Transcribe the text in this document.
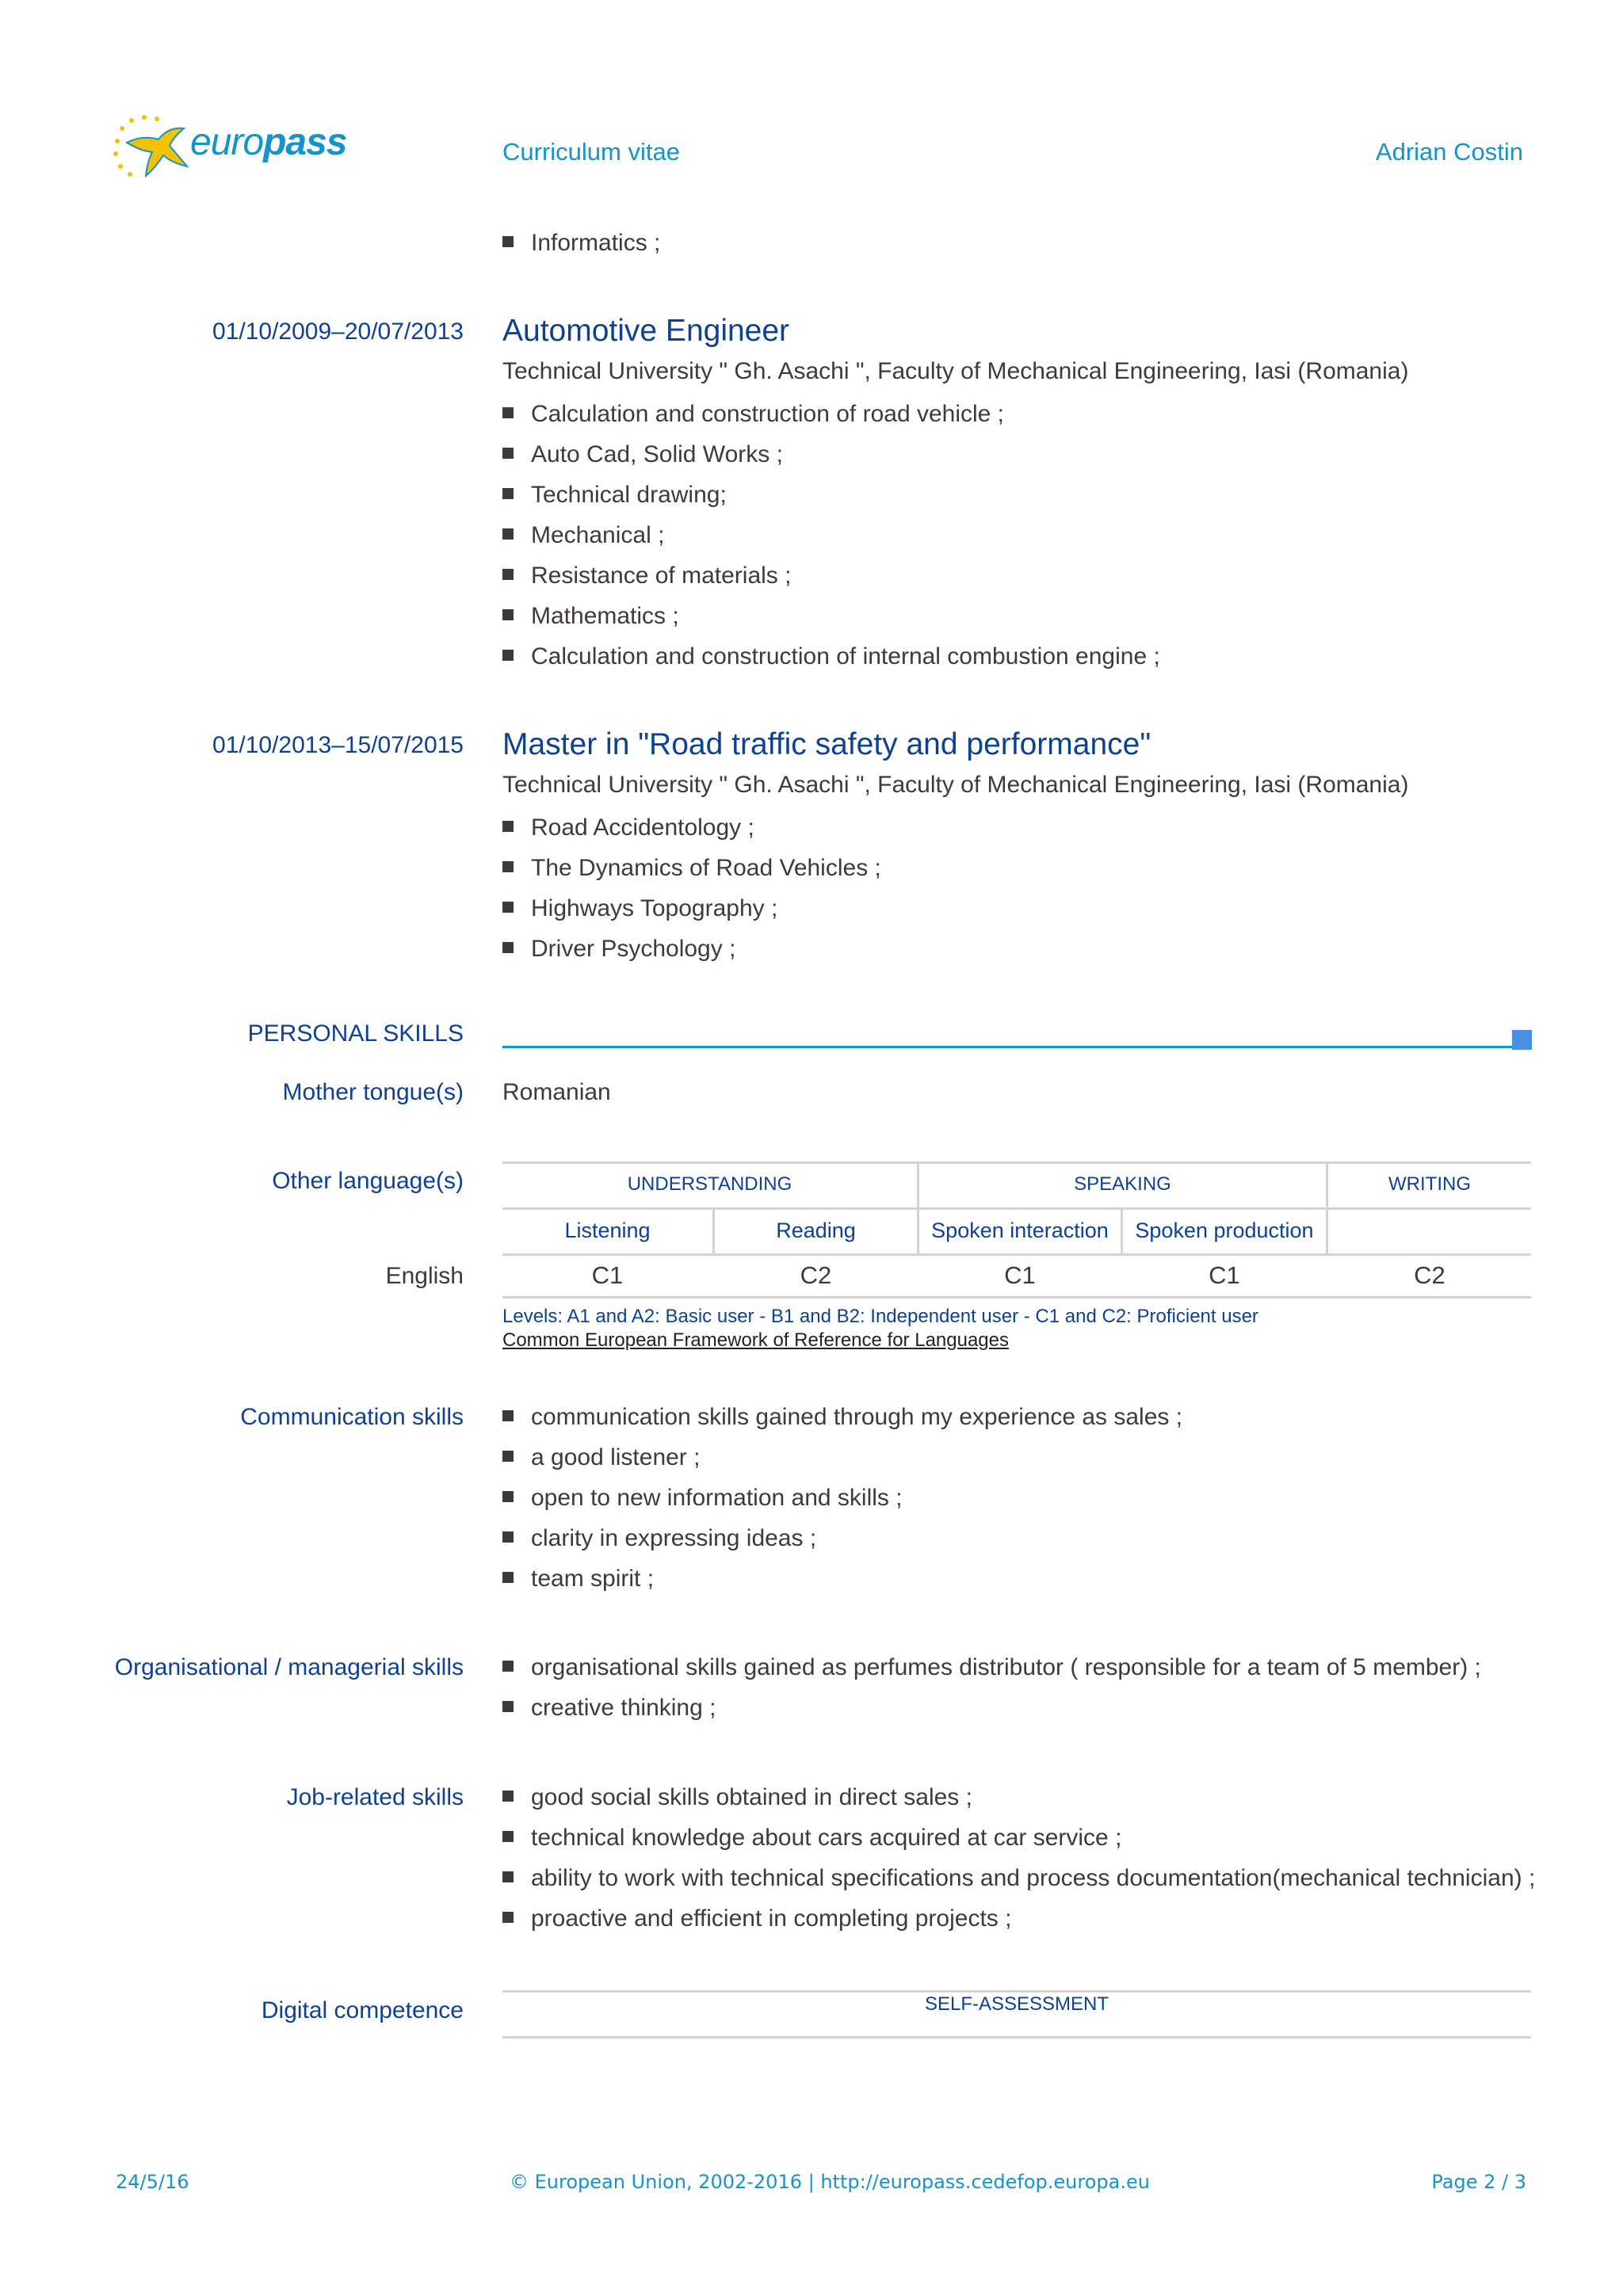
europass	Curriculum vitae	Adrian Costin
Informatics ;
01/10/2009–20/07/2013 Automotive Engineer
Technical University " Gh. Asachi ", Faculty of Mechanical Engineering, Iasi (Romania)
Calculation and construction of road vehicle ;
Auto Cad, Solid Works ;
Technical drawing;
Mechanical ;
Resistance of materials ;
Mathematics ;
Calculation and construction of internal combustion engine ;
01/10/2013–15/07/2015 Master in "Road traffic safety and performance"
Technical University " Gh. Asachi ", Faculty of Mechanical Engineering, Iasi (Romania)
Road Accidentology ;
The Dynamics of Road Vehicles ;
Highways Topography ;
Driver Psychology ;
PERSONAL SKILLS
Mother tongue(s) Romanian
Other language(s)	UNDERSTANDING	SPEAKING	WRITING
Listening	Reading	Spoken interaction	Spoken production
English	C1	C2	C1	C1	C2
Levels: A1 and A2: Basic user - B1 and B2: Independent user - C1 and C2: Proficient user
Common European Framework of Reference for Languages
Communication skills	communication skills gained through my experience as sales ;
a good listener ;
open to new information and skills ;
clarity in expressing ideas ;
team spirit ;
Organisational / managerial skills	organisational skills gained as perfumes distributor ( responsible for a team of 5 member) ;
creative thinking ;
Job-related skills	good social skills obtained in direct sales ;
technical knowledge about cars acquired at car service ;
ability to work with technical specifications and process documentation(mechanical technician) ;
proactive and efficient in completing projects ;
Digital competence	SELF-ASSESSMENT
24/5/16	© European Union, 2002-2016 | http://europass.cedefop.europa.eu	Page 2 / 3
